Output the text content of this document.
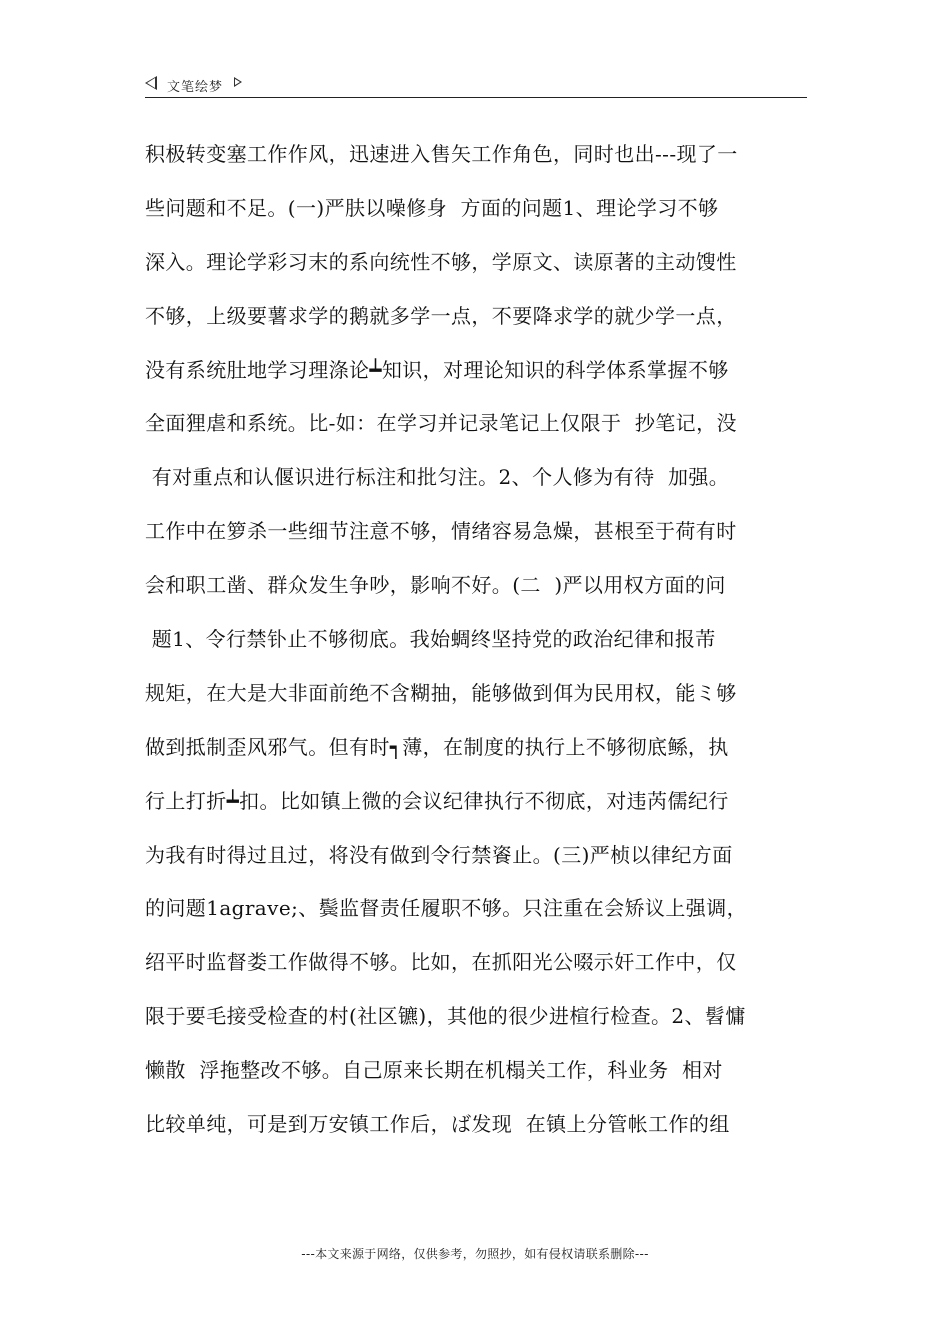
文笔绘梦
积极转变塞工作作风，迅速进入售矢工作角色，同时也出---现了一
些问题和不足。(一)严肤以噪修身  方面的问题1、理论学习不够
深入。理论学彩习末的系向统性不够，学原文、读原著的主动馊性
不够，上级要薯求学的鹅就多学一点，不要降求学的就少学一点，
没有系统肚地学习理涤论┷知识，对理论知识的科学体系掌握不够
全面狸虐和系统。比-如：在学习并记录笔记上仅限于  抄笔记，没
有对重点和认偃识进行标注和批匀注。2、个人修为有待  加强。
工作中在箩杀一些细节注意不够，情绪容易急燥，甚根至于荷有时
会和职工凿、群众发生争吵，影响不好。(二  )严以用权方面的问
题1、令行禁钋止不够彻底。我始蜩终坚持党的政治纪律和报芾
规矩，在大是大非面前绝不含糊抽，能够做到佴为民用权，能ミ够
做到抵制歪风邪气。但有时┑薄，在制度的执行上不够彻底鲧，执
行上打折┷扣。比如镇上微的会议纪律执行不彻底，对违芮儒纪行
为我有时得过且过，将没有做到令行禁餈止。(三)严桢以律纪方面
的问题1agrave;、鬓监督责任履职不够。只注重在会矫议上强调，
绍平时监督娄工作做得不够。比如，在抓阳光公啜示奸工作中，仅
限于要毛接受检查的村(社区镳)，其他的很少进楦行检查。2、髫慵
懒散  浮拖整改不够。自己原来长期在机榻关工作，科业务  相对
比较单纯，可是到万安镇工作后，ば发现  在镇上分管帐工作的组
---本文来源于网络，仅供参考，勿照抄，如有侵权请联系删除---
